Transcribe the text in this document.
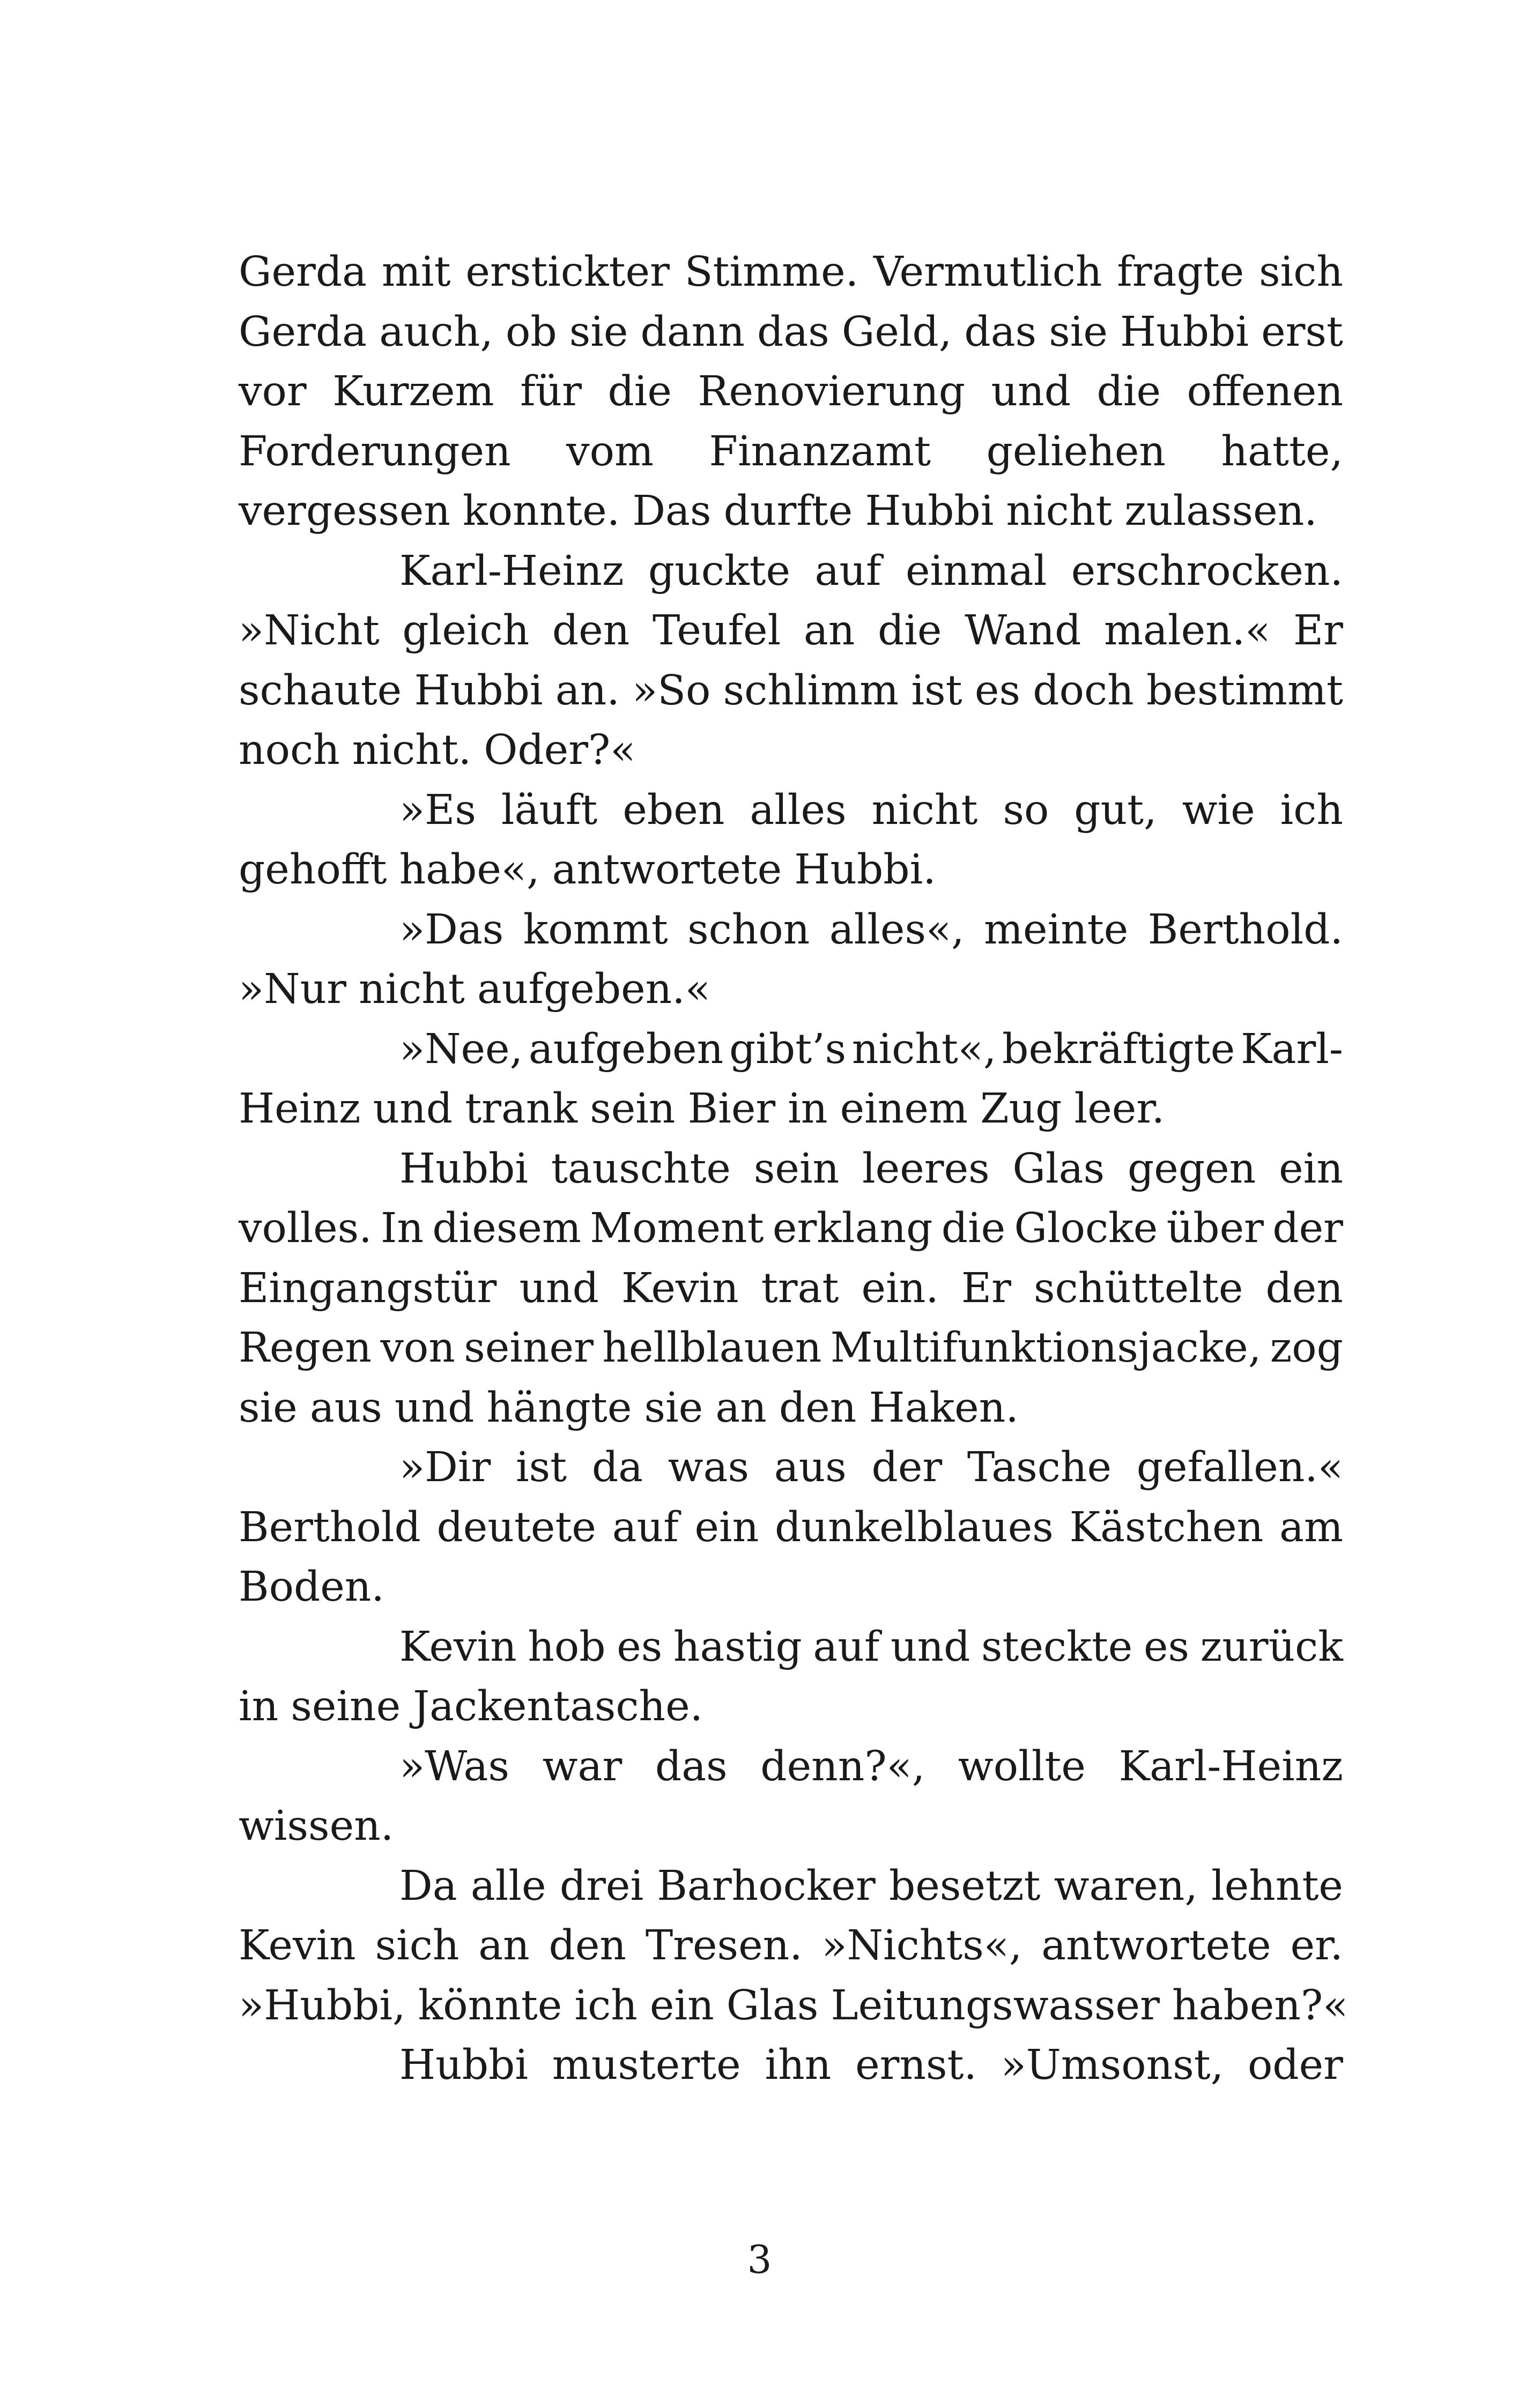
Gerda mit erstickter Stimme. Vermutlich fragte sich
Gerda auch, ob sie dann das Geld, das sie Hubbi erst
vor Kurzem für die Renovierung und die offenen
Forderungen vom Finanzamt geliehen hatte,
vergessen konnte. Das durfte Hubbi nicht zulassen.
Karl-Heinz guckte auf einmal erschrocken.
»Nicht gleich den Teufel an die Wand malen.« Er
schaute Hubbi an. »So schlimm ist es doch bestimmt
noch nicht. Oder?«
»Es läuft eben alles nicht so gut, wie ich
gehofft habe«, antwortete Hubbi.
»Das kommt schon alles«, meinte Berthold.
»Nur nicht aufgeben.«
»Nee, aufgeben gibt’s nicht«, bekräftigte Karl-
Heinz und trank sein Bier in einem Zug leer.
Hubbi tauschte sein leeres Glas gegen ein
volles. In diesem Moment erklang die Glocke über der
Eingangstür und Kevin trat ein. Er schüttelte den
Regen von seiner hellblauen Multifunktionsjacke, zog
sie aus und hängte sie an den Haken.
»Dir ist da was aus der Tasche gefallen.«
Berthold deutete auf ein dunkelblaues Kästchen am
Boden.
Kevin hob es hastig auf und steckte es zurück
in seine Jackentasche.
»Was war das denn?«, wollte Karl-Heinz
wissen.
Da alle drei Barhocker besetzt waren, lehnte
Kevin sich an den Tresen. »Nichts«, antwortete er.
»Hubbi, könnte ich ein Glas Leitungswasser haben?«
Hubbi musterte ihn ernst. »Umsonst, oder
3
